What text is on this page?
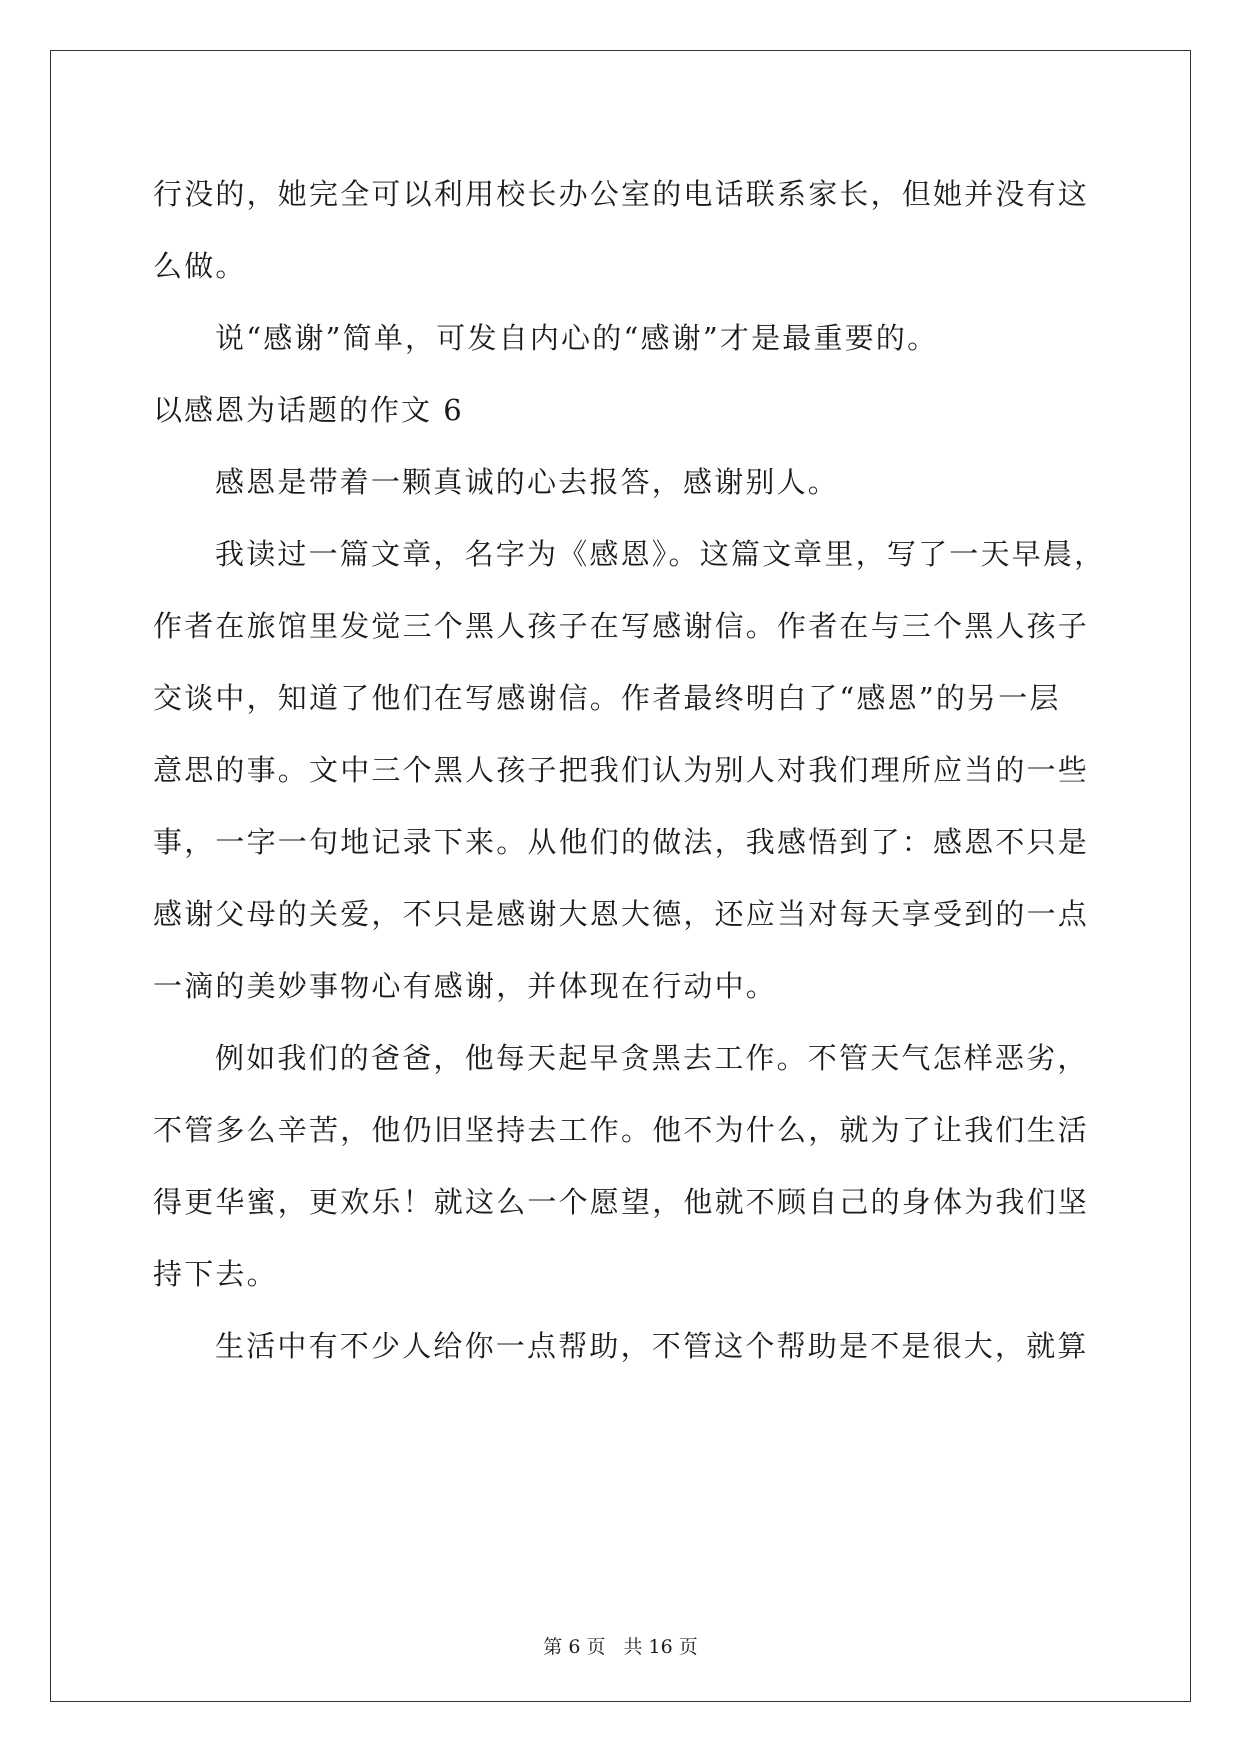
行没的，她完全可以利用校长办公室的电话联系家长，但她并没有这
么做。
说“感谢”简单，可发自内心的“感谢”才是最重要的。
以感恩为话题的作文 6
感恩是带着一颗真诚的心去报答，感谢别人。
我读过一篇文章，名字为《感恩》。这篇文章里，写了一天早晨，
作者在旅馆里发觉三个黑人孩子在写感谢信。作者在与三个黑人孩子
交谈中，知道了他们在写感谢信。作者最终明白了“感恩”的另一层
意思的事。文中三个黑人孩子把我们认为别人对我们理所应当的一些
事，一字一句地记录下来。从他们的做法，我感悟到了：感恩不只是
感谢父母的关爱，不只是感谢大恩大德，还应当对每天享受到的一点
一滴的美妙事物心有感谢，并体现在行动中。
例如我们的爸爸，他每天起早贪黑去工作。不管天气怎样恶劣，
不管多么辛苦，他仍旧坚持去工作。他不为什么，就为了让我们生活
得更华蜜，更欢乐！就这么一个愿望，他就不顾自己的身体为我们坚
持下去。
生活中有不少人给你一点帮助，不管这个帮助是不是很大，就算
第 6 页 共 16 页
